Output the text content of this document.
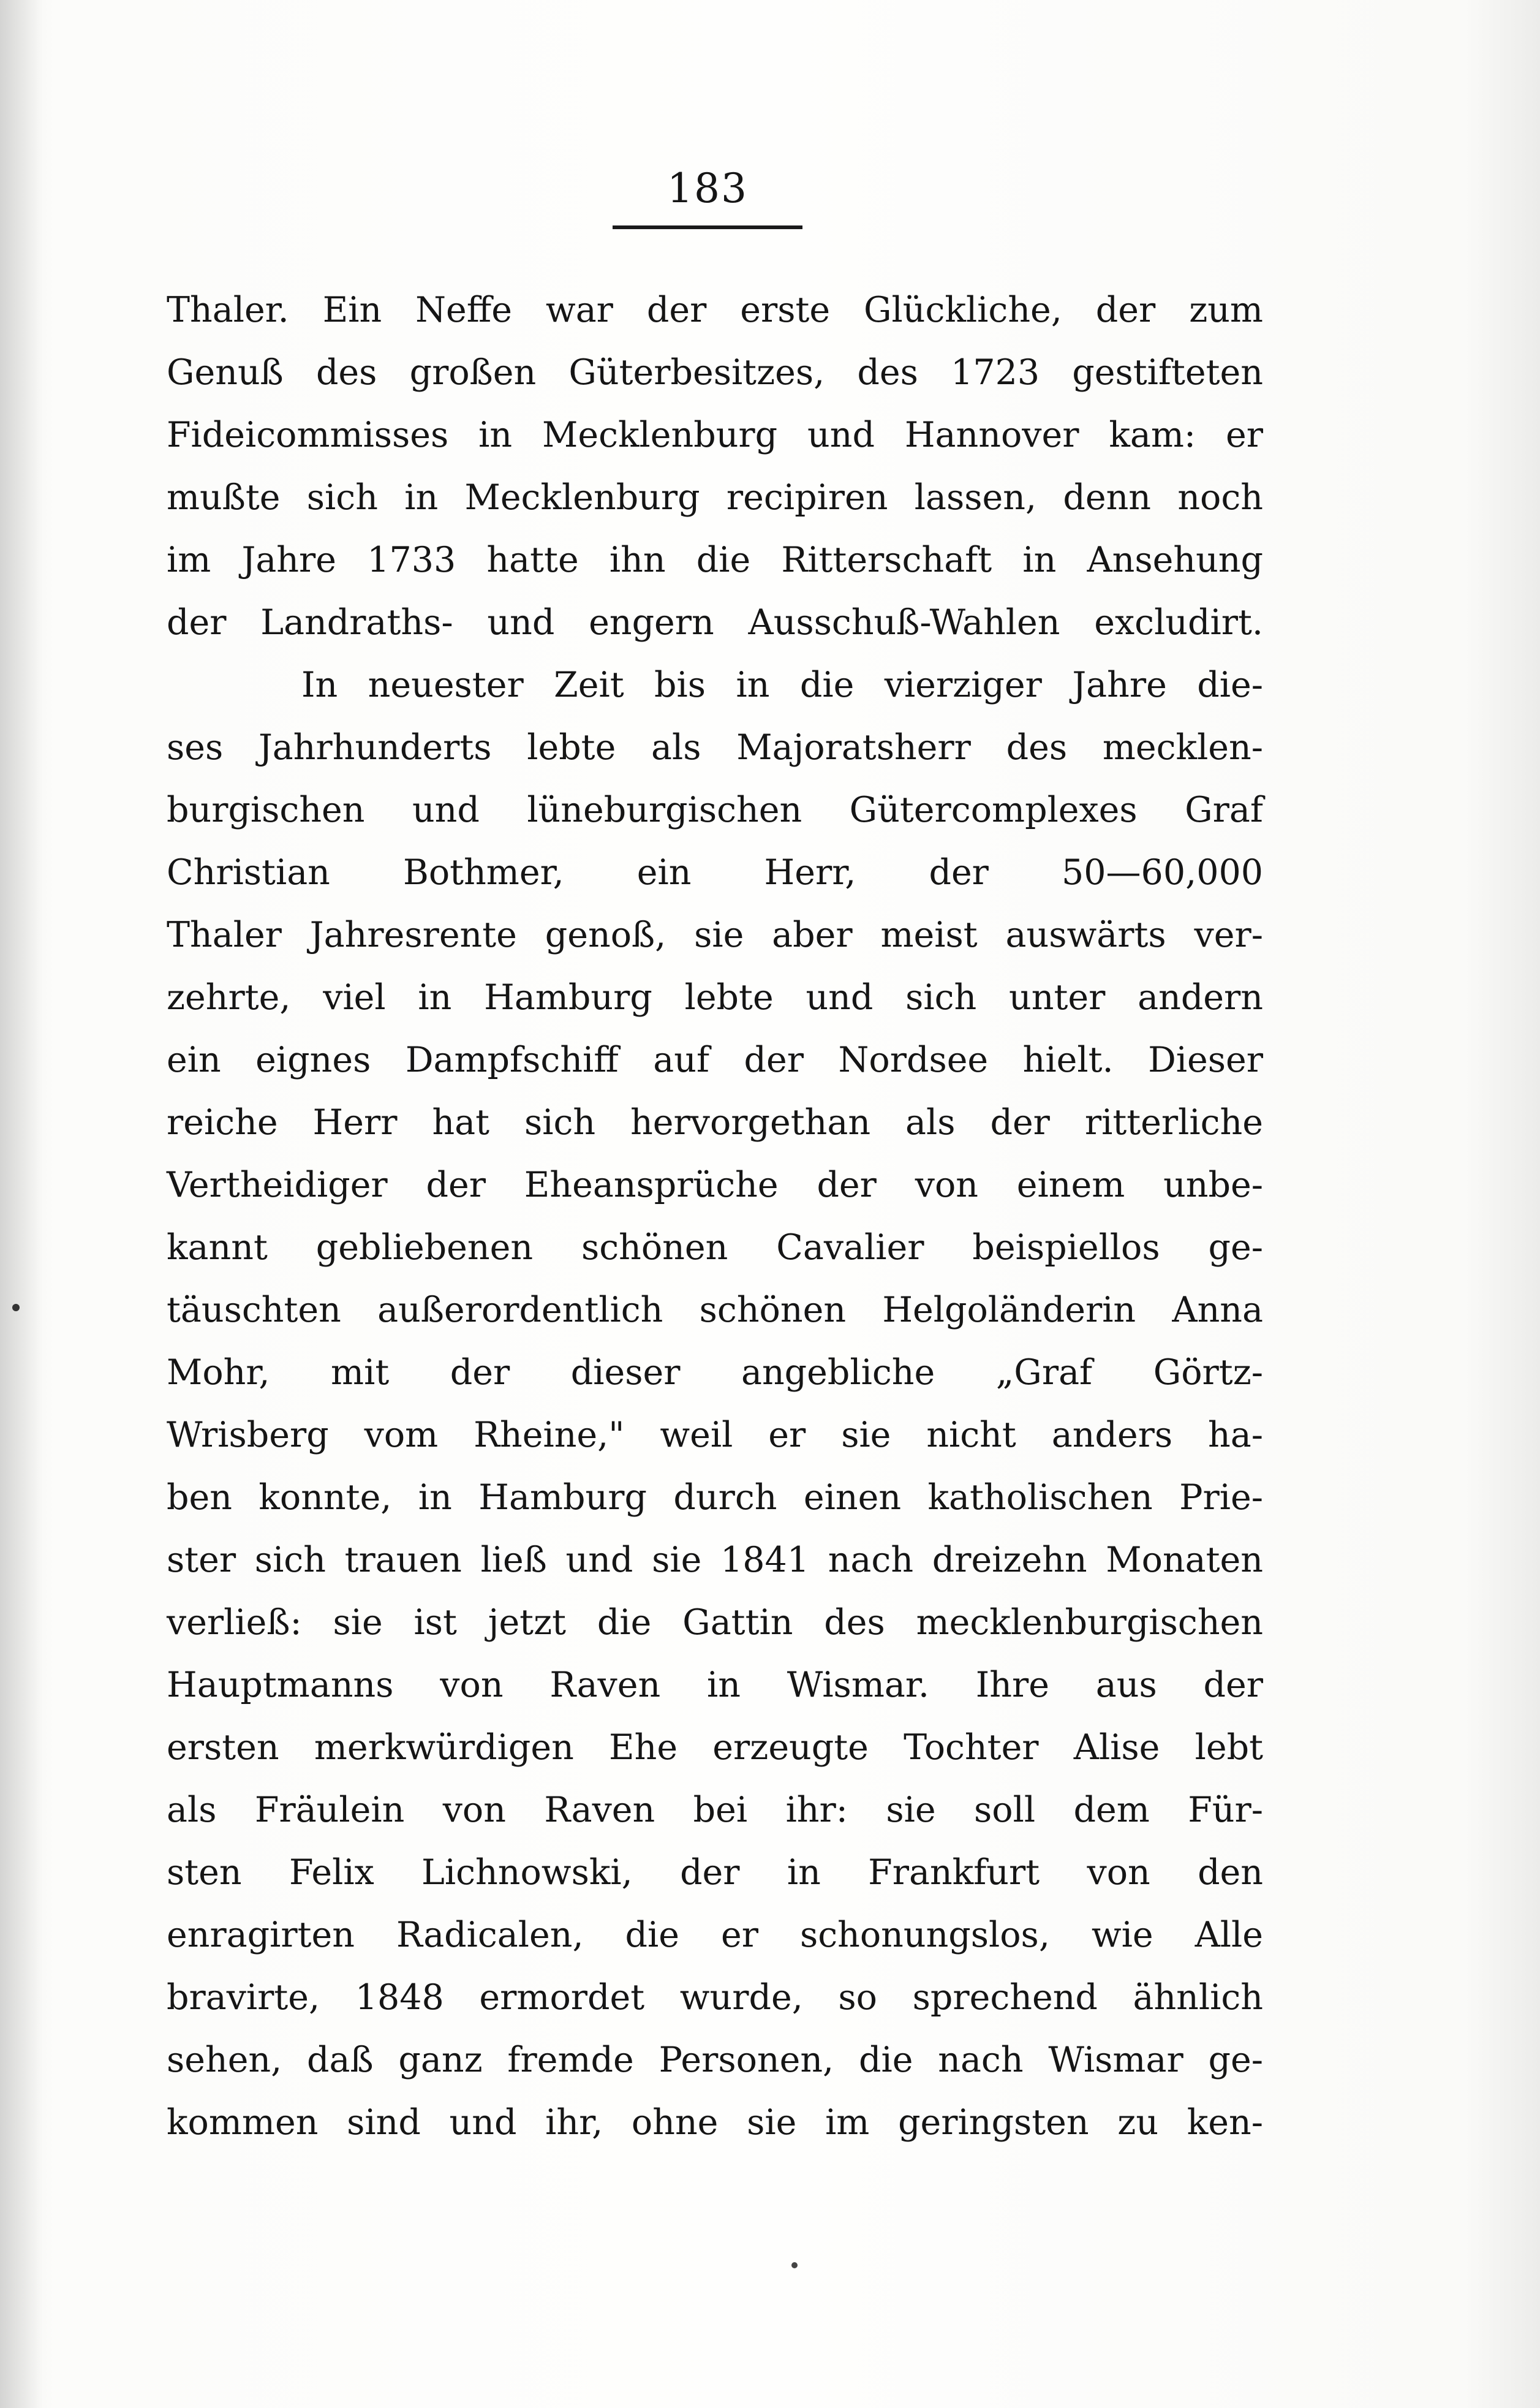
183
Thaler. Ein Neffe war der erste Glückliche, der zum
Genuß des großen Güterbesitzes, des 1723 gestifteten
Fideicommisses in Mecklenburg und Hannover kam: er
mußte sich in Mecklenburg recipiren lassen, denn noch
im Jahre 1733 hatte ihn die Ritterschaft in Ansehung
der Landraths- und engern Ausschuß-Wahlen excludirt.
In neuester Zeit bis in die vierziger Jahre die-
ses Jahrhunderts lebte als Majoratsherr des mecklen-
burgischen und lüneburgischen Gütercomplexes Graf
Christian Bothmer, ein Herr, der 50—60,000
Thaler Jahresrente genoß, sie aber meist auswärts ver-
zehrte, viel in Hamburg lebte und sich unter andern
ein eignes Dampfschiff auf der Nordsee hielt. Dieser
reiche Herr hat sich hervorgethan als der ritterliche
Vertheidiger der Eheansprüche der von einem unbe-
kannt gebliebenen schönen Cavalier beispiellos ge-
täuschten außerordentlich schönen Helgoländerin Anna
Mohr, mit der dieser angebliche „Graf Görtz-
Wrisberg vom Rheine," weil er sie nicht anders ha-
ben konnte, in Hamburg durch einen katholischen Prie-
ster sich trauen ließ und sie 1841 nach dreizehn Monaten
verließ: sie ist jetzt die Gattin des mecklenburgischen
Hauptmanns von Raven in Wismar. Ihre aus der
ersten merkwürdigen Ehe erzeugte Tochter Alise lebt
als Fräulein von Raven bei ihr: sie soll dem Für-
sten Felix Lichnowski, der in Frankfurt von den
enragirten Radicalen, die er schonungslos, wie Alle
bravirte, 1848 ermordet wurde, so sprechend ähnlich
sehen, daß ganz fremde Personen, die nach Wismar ge-
kommen sind und ihr, ohne sie im geringsten zu ken-
